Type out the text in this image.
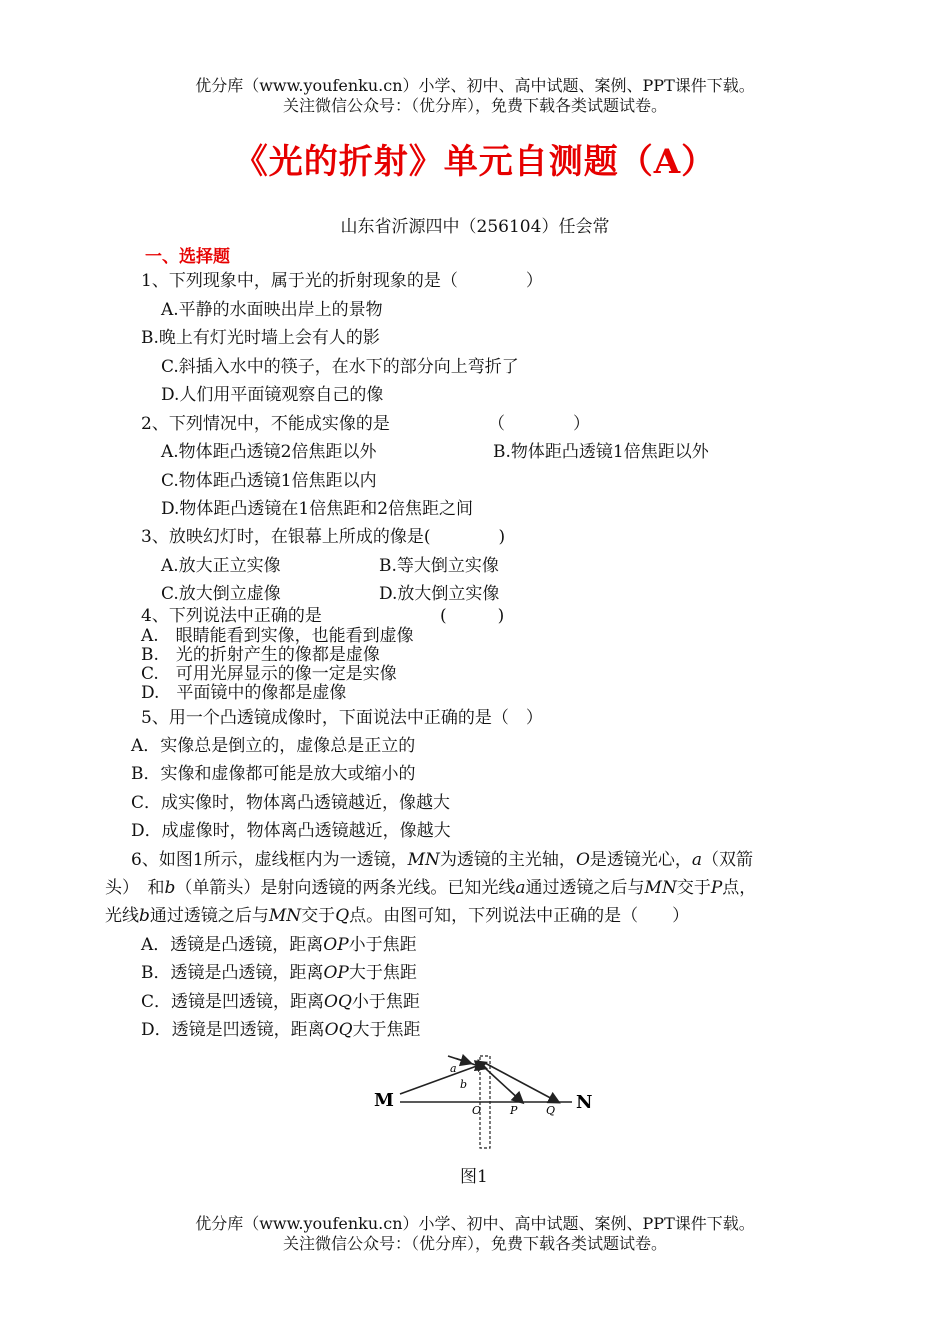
优分库（www.youfenku.cn）小学、初中、高中试题、案例、PPT课件下载。
关注微信公众号：（优分库），免费下载各类试题试卷。
《光的折射》单元自测题（A）
山东省沂源四中（256104）任会常
一、选择题
1、下列现象中，属于光的折射现象的是（　　　　）
A.平静的水面映出岸上的景物
B.晚上有灯光时墙上会有人的影
C.斜插入水中的筷子，在水下的部分向上弯折了
D.人们用平面镜观察自己的像
2、下列情况中，不能成实像的是	（　　　　）
A.物体距凸透镜2倍焦距以外	B.物体距凸透镜1倍焦距以外
C.物体距凸透镜1倍焦距以内
D.物体距凸透镜在1倍焦距和2倍焦距之间
3、放映幻灯时，在银幕上所成的像是(　　　　)
A.放大正立实像	B.等大倒立实像
C.放大倒立虚像	D.放大倒立实像
4、下列说法中正确的是	(　　　)
A.　眼睛能看到实像，也能看到虚像
B.　光的折射产生的像都是虚像
C.　可用光屏显示的像一定是实像
D.　平面镜中的像都是虚像
5、用一个凸透镜成像时，下面说法中正确的是（　）
A．实像总是倒立的，虚像总是正立的
B．实像和虚像都可能是放大或缩小的
C．成实像时，物体离凸透镜越近，像越大
D．成虚像时，物体离凸透镜越近，像越大
6、如图1所示，虚线框内为一透镜，MN为透镜的主光轴，O是透镜光心，a（双箭
头）　和b（单箭头）是射向透镜的两条光线。已知光线a通过透镜之后与MN交于P点，
光线b通过透镜之后与MN交于Q点。由图可知，下列说法中正确的是（　　）
A．透镜是凸透镜，距离OP小于焦距
B．透镜是凸透镜，距离OP大于焦距
C．透镜是凹透镜，距离OQ小于焦距
D．透镜是凹透镜，距离OQ大于焦距
M	N
a
b
O	P	Q
图1
优分库（www.youfenku.cn）小学、初中、高中试题、案例、PPT课件下载。
关注微信公众号：（优分库），免费下载各类试题试卷。
